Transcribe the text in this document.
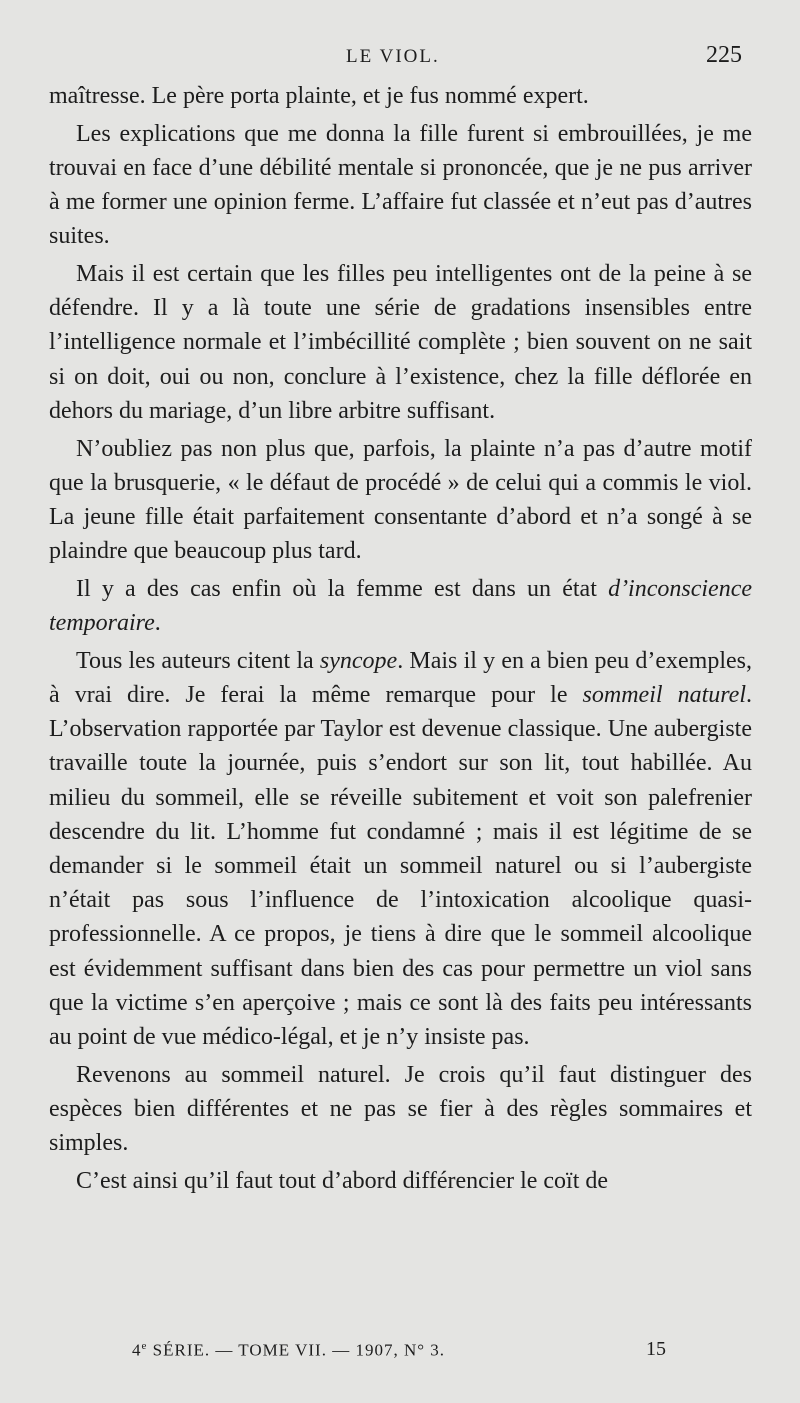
LE VIOL.	225

maîtresse. Le père porta plainte, et je fus nommé expert.

Les explications que me donna la fille furent si embrouillées, je me trouvai en face d’une débilité mentale si prononcée, que je ne pus arriver à me former une opinion ferme. L’affaire fut classée et n’eut pas d’autres suites.

Mais il est certain que les filles peu intelligentes ont de la peine à se défendre. Il y a là toute une série de gradations insensibles entre l’intelligence normale et l’imbécillité complète ; bien souvent on ne sait si on doit, oui ou non, conclure à l’existence, chez la fille déflorée en dehors du mariage, d’un libre arbitre suffisant.

N’oubliez pas non plus que, parfois, la plainte n’a pas d’autre motif que la brusquerie, « le défaut de procédé » de celui qui a commis le viol. La jeune fille était parfaitement consentante d’abord et n’a songé à se plaindre que beaucoup plus tard.

Il y a des cas enfin où la femme est dans un état d’inconscience temporaire.

Tous les auteurs citent la syncope. Mais il y en a bien peu d’exemples, à vrai dire. Je ferai la même remarque pour le sommeil naturel. L’observation rapportée par Taylor est devenue classique. Une aubergiste travaille toute la journée, puis s’endort sur son lit, tout habillée. Au milieu du sommeil, elle se réveille subitement et voit son palefrenier descendre du lit. L’homme fut condamné ; mais il est légitime de se demander si le sommeil était un sommeil naturel ou si l’aubergiste n’était pas sous l’influence de l’intoxication alcoolique quasi-professionnelle. A ce propos, je tiens à dire que le sommeil alcoolique est évidemment suffisant dans bien des cas pour permettre un viol sans que la victime s’en aperçoive ; mais ce sont là des faits peu intéressants au point de vue médico-légal, et je n’y insiste pas.

Revenons au sommeil naturel. Je crois qu’il faut distinguer des espèces bien différentes et ne pas se fier à des règles sommaires et simples.

C’est ainsi qu’il faut tout d’abord différencier le coït de

4e SÉRIE. — TOME VII. — 1907, N° 3.	15
